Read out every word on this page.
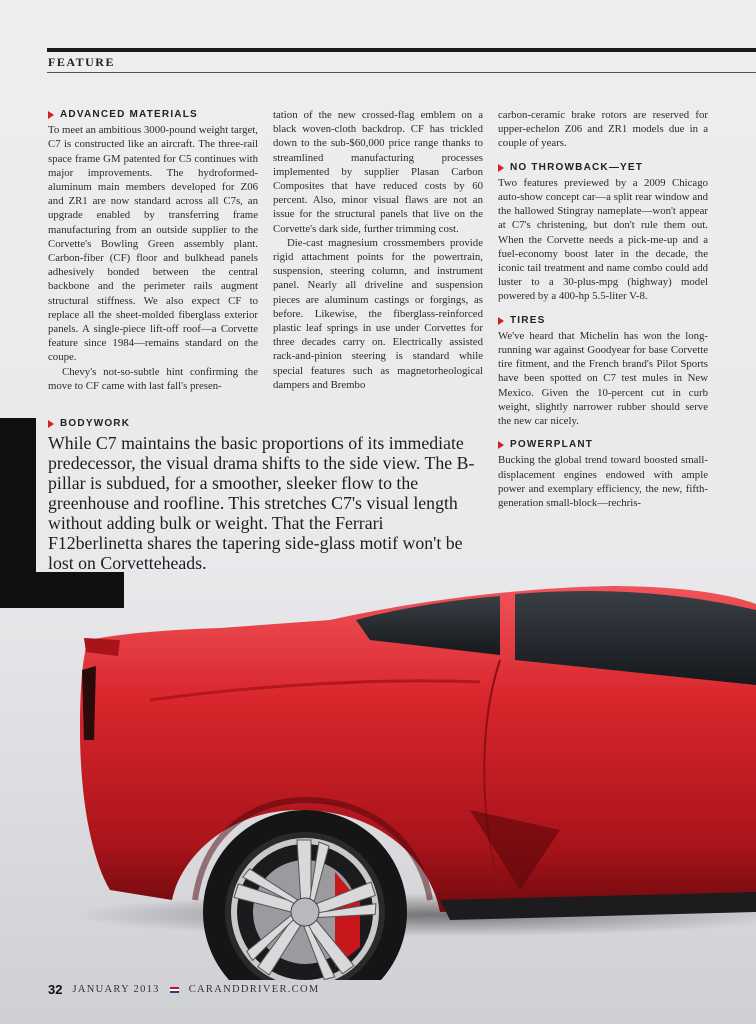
FEATURE
ADVANCED MATERIALS

To meet an ambitious 3000-pound weight target, C7 is constructed like an aircraft. The three-rail space frame GM patented for C5 continues with major improvements. The hydroformed-aluminum main members developed for Z06 and ZR1 are now standard across all C7s, an upgrade enabled by transferring frame manufacturing from an outside supplier to the Corvette's Bowling Green assembly plant. Carbon-fiber (CF) floor and bulkhead panels adhesively bonded between the central backbone and the perimeter rails augment structural stiffness. We also expect CF to replace all the sheet-molded fiberglass exterior panels. A single-piece lift-off roof—a Corvette feature since 1984—remains standard on the coupe.

Chevy's not-so-subtle hint confirming the move to CF came with last fall's presen-

tation of the new crossed-flag emblem on a black woven-cloth backdrop. CF has trickled down to the sub-$60,000 price range thanks to streamlined manufacturing processes implemented by supplier Plasan Carbon Composites that have reduced costs by 60 percent. Also, minor visual flaws are not an issue for the structural panels that live on the Corvette's dark side, further trimming cost.

Die-cast magnesium crossmembers provide rigid attachment points for the powertrain, suspension, steering column, and instrument panel. Nearly all driveline and suspension pieces are aluminum castings or forgings, as before. Likewise, the fiberglass-reinforced plastic leaf springs in use under Corvettes for three decades carry on. Electrically assisted rack-and-pinion steering is standard while special features such as magnetorheological dampers and Brembo

carbon-ceramic brake rotors are reserved for upper-echelon Z06 and ZR1 models due in a couple of years.

NO THROWBACK—YET

Two features previewed by a 2009 Chicago auto-show concept car—a split rear window and the hallowed Stingray nameplate—won't appear at C7's christening, but don't rule them out. When the Corvette needs a pick-me-up and a fuel-economy boost later in the decade, the iconic tail treatment and name combo could add luster to a 30-plus-mpg (highway) model powered by a 400-hp 5.5-liter V-8.

TIRES

We've heard that Michelin has won the long-running war against Goodyear for base Corvette tire fitment, and the French brand's Pilot Sports have been spotted on C7 test mules in New Mexico. Given the 10-percent cut in curb weight, slightly narrower rubber should serve the new car nicely.

POWERPLANT

Bucking the global trend toward boosted small-displacement engines endowed with ample power and exemplary efficiency, the new, fifth-generation small-block—rechris-

BODYWORK
While C7 maintains the basic proportions of its immediate predecessor, the visual drama shifts to the side view. The B-pillar is subdued, for a smoother, sleeker flow to the greenhouse and roofline. This stretches C7's visual length without adding bulk or weight. That the Ferrari F12berlinetta shares the tapering side-glass motif won't be lost on Corvetteheads.
32 JANUARY 2013	CARANDDRIVER.COM
